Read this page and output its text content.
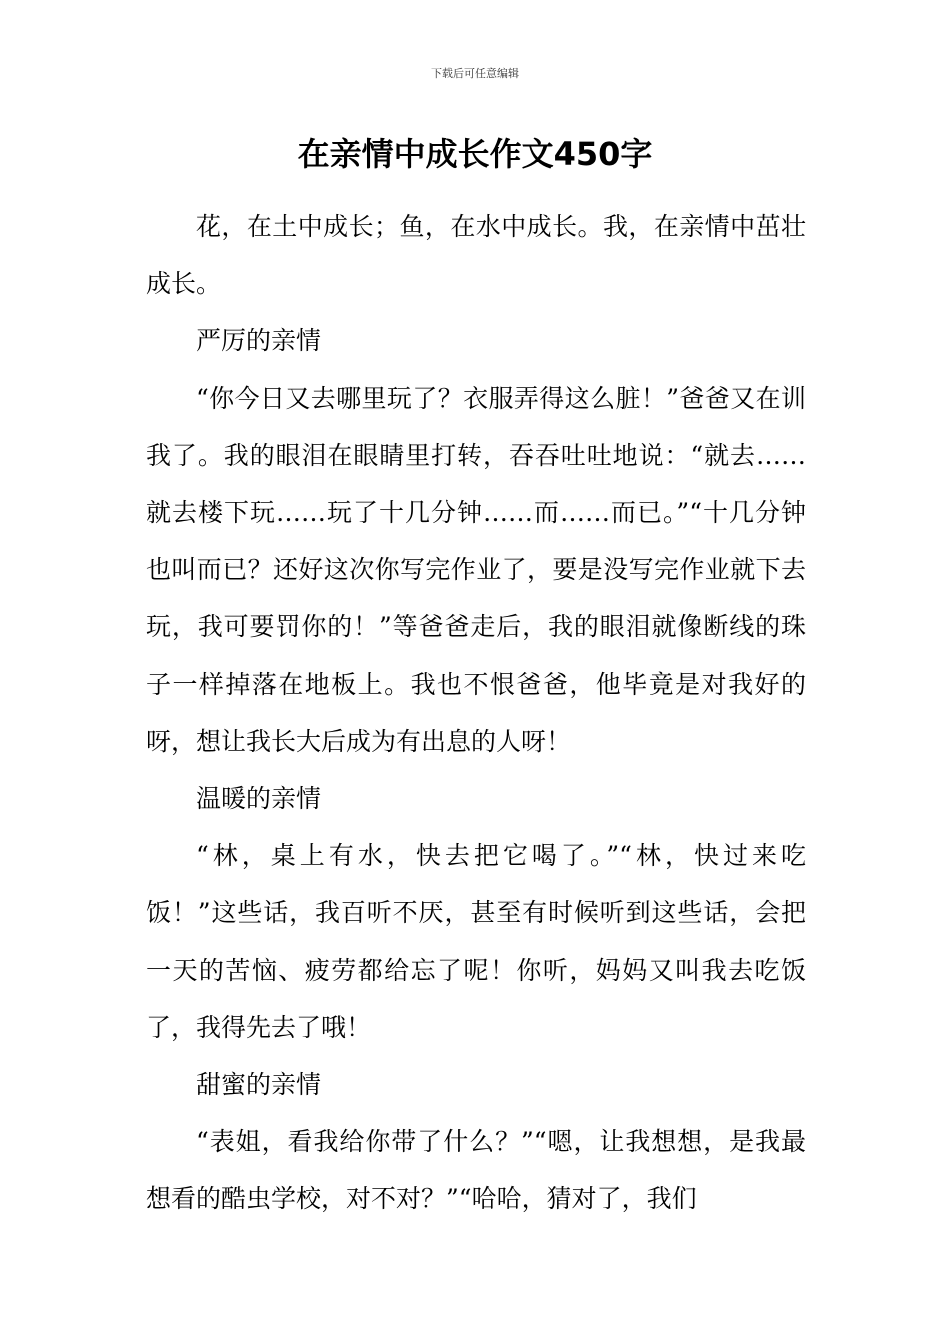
下载后可任意编辑
在亲情中成长作文450字

花，在土中成长；鱼，在水中成长。我，在亲情中茁壮成长。

严厉的亲情

“你今日又去哪里玩了？衣服弄得这么脏！”爸爸又在训我了。我的眼泪在眼睛里打转，吞吞吐吐地说：“就去……就去楼下玩……玩了十几分钟……而……而已。”“十几分钟也叫而已？还好这次你写完作业了，要是没写完作业就下去玩，我可要罚你的！”等爸爸走后，我的眼泪就像断线的珠子一样掉落在地板上。我也不恨爸爸，他毕竟是对我好的呀，想让我长大后成为有出息的人呀！

温暖的亲情

“林，桌上有水，快去把它喝了。”“林，快过来吃饭！”这些话，我百听不厌，甚至有时候听到这些话，会把一天的苦恼、疲劳都给忘了呢！你听，妈妈又叫我去吃饭了，我得先去了哦！

甜蜜的亲情

“表姐，看我给你带了什么？”“嗯，让我想想，是我最想看的酷虫学校，对不对？”“哈哈，猜对了，我们
